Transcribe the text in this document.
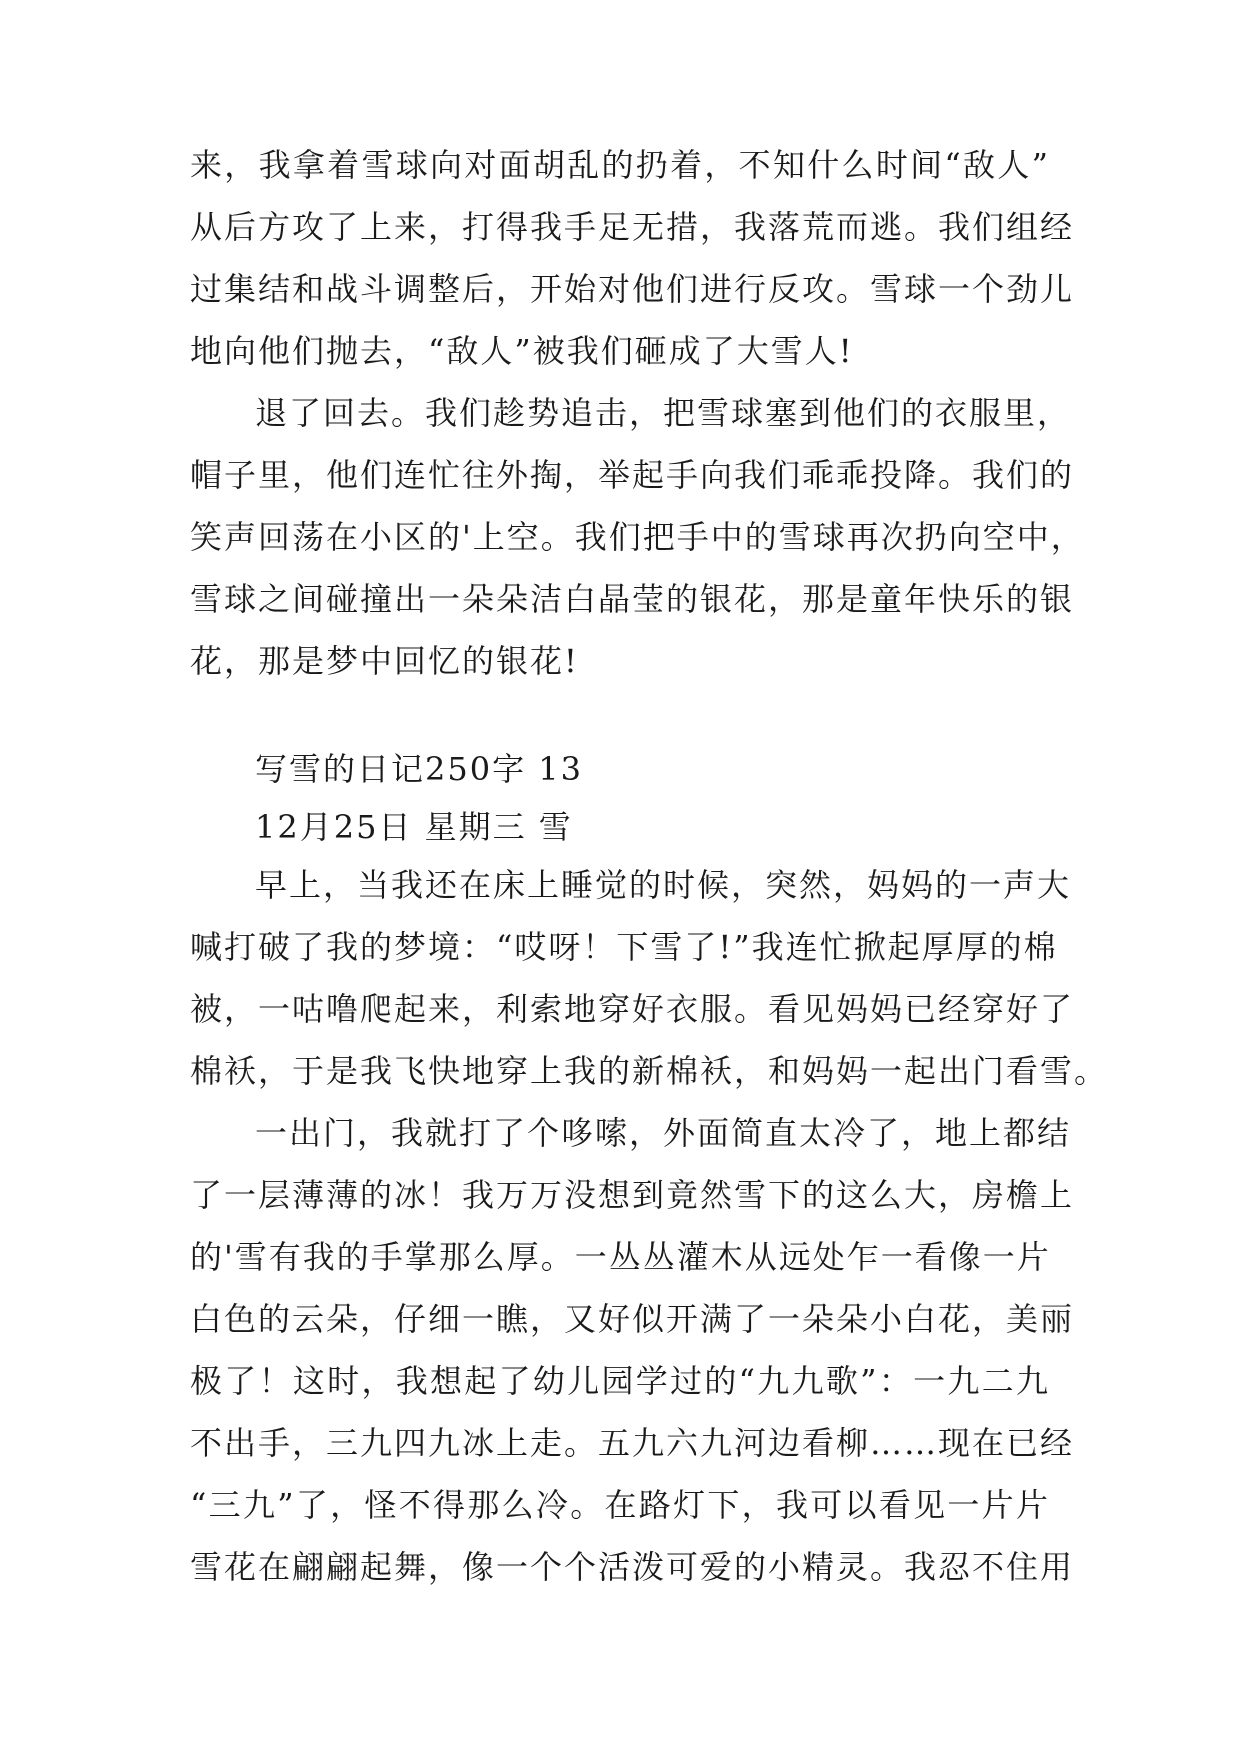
来，我拿着雪球向对面胡乱的扔着，不知什么时间“敌人”
从后方攻了上来，打得我手足无措，我落荒而逃。我们组经
过集结和战斗调整后，开始对他们进行反攻。雪球一个劲儿
地向他们抛去，“敌人”被我们砸成了大雪人!
退了回去。我们趁势追击，把雪球塞到他们的衣服里，
帽子里，他们连忙往外掏，举起手向我们乖乖投降。我们的
笑声回荡在小区的'上空。我们把手中的雪球再次扔向空中，
雪球之间碰撞出一朵朵洁白晶莹的银花，那是童年快乐的银
花，那是梦中回忆的银花!
写雪的日记250字 13
12月25日 星期三 雪
早上，当我还在床上睡觉的时候，突然，妈妈的一声大
喊打破了我的梦境：“哎呀！下雪了!”我连忙掀起厚厚的棉
被，一咕噜爬起来，利索地穿好衣服。看见妈妈已经穿好了
棉袄，于是我飞快地穿上我的新棉袄，和妈妈一起出门看雪。
一出门，我就打了个哆嗦，外面简直太冷了，地上都结
了一层薄薄的冰！我万万没想到竟然雪下的这么大，房檐上
的'雪有我的手掌那么厚。一丛丛灌木从远处乍一看像一片
白色的云朵，仔细一瞧，又好似开满了一朵朵小白花，美丽
极了！这时，我想起了幼儿园学过的“九九歌”：一九二九
不出手，三九四九冰上走。五九六九河边看柳……现在已经
“三九”了，怪不得那么冷。在路灯下，我可以看见一片片
雪花在翩翩起舞，像一个个活泼可爱的小精灵。我忍不住用
